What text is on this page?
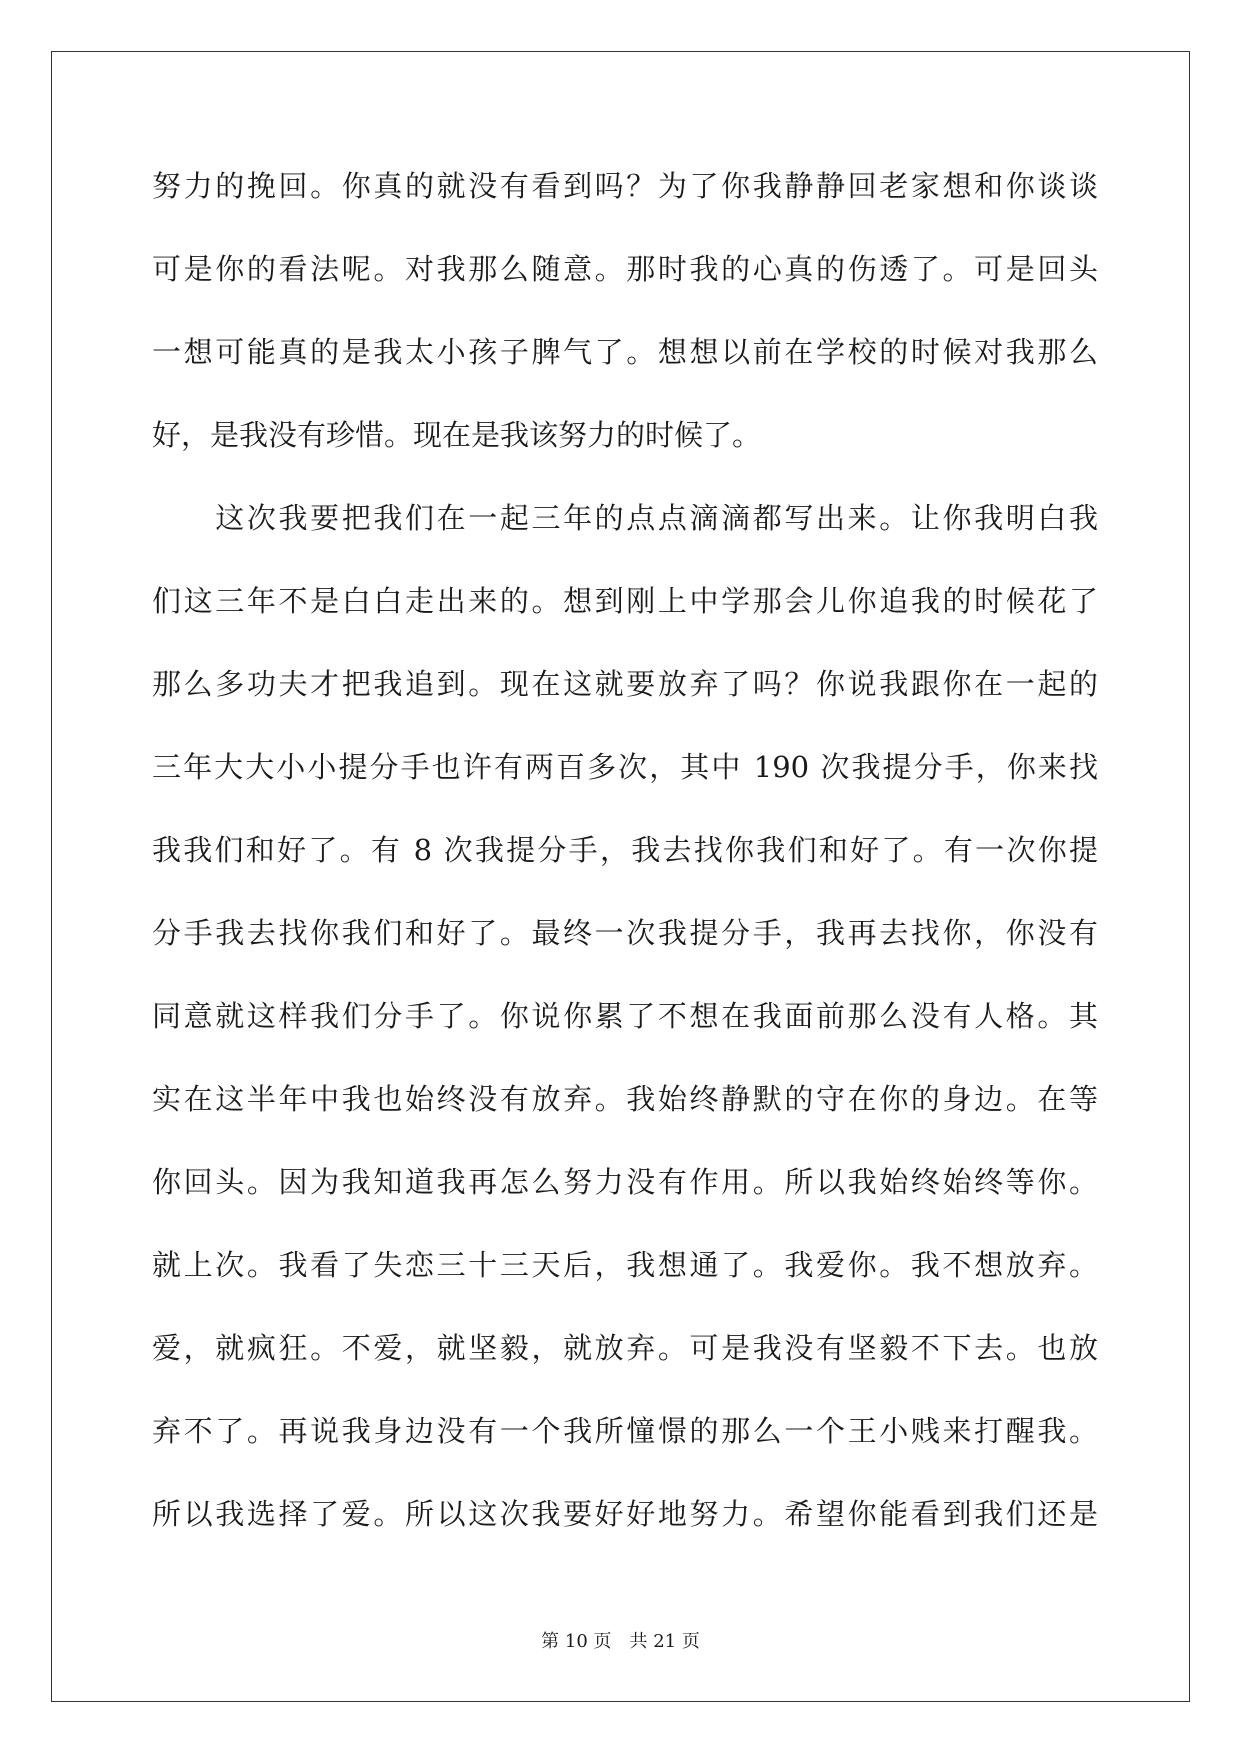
努力的挽回。你真的就没有看到吗？为了你我静静回老家想和你谈谈
可是你的看法呢。对我那么随意。那时我的心真的伤透了。可是回头
一想可能真的是我太小孩子脾气了。想想以前在学校的时候对我那么
好，是我没有珍惜。现在是我该努力的时候了。
　　这次我要把我们在一起三年的点点滴滴都写出来。让你我明白我
们这三年不是白白走出来的。想到刚上中学那会儿你追我的时候花了
那么多功夫才把我追到。现在这就要放弃了吗？你说我跟你在一起的
三年大大小小提分手也许有两百多次，其中 190 次我提分手，你来找
我我们和好了。有 8 次我提分手，我去找你我们和好了。有一次你提
分手我去找你我们和好了。最终一次我提分手，我再去找你，你没有
同意就这样我们分手了。你说你累了不想在我面前那么没有人格。其
实在这半年中我也始终没有放弃。我始终静默的守在你的身边。在等
你回头。因为我知道我再怎么努力没有作用。所以我始终始终等你。
就上次。我看了失恋三十三天后，我想通了。我爱你。我不想放弃。
爱，就疯狂。不爱，就坚毅，就放弃。可是我没有坚毅不下去。也放
弃不了。再说我身边没有一个我所憧憬的那么一个王小贱来打醒我。
所以我选择了爱。所以这次我要好好地努力。希望你能看到我们还是
第 10 页　共 21 页
